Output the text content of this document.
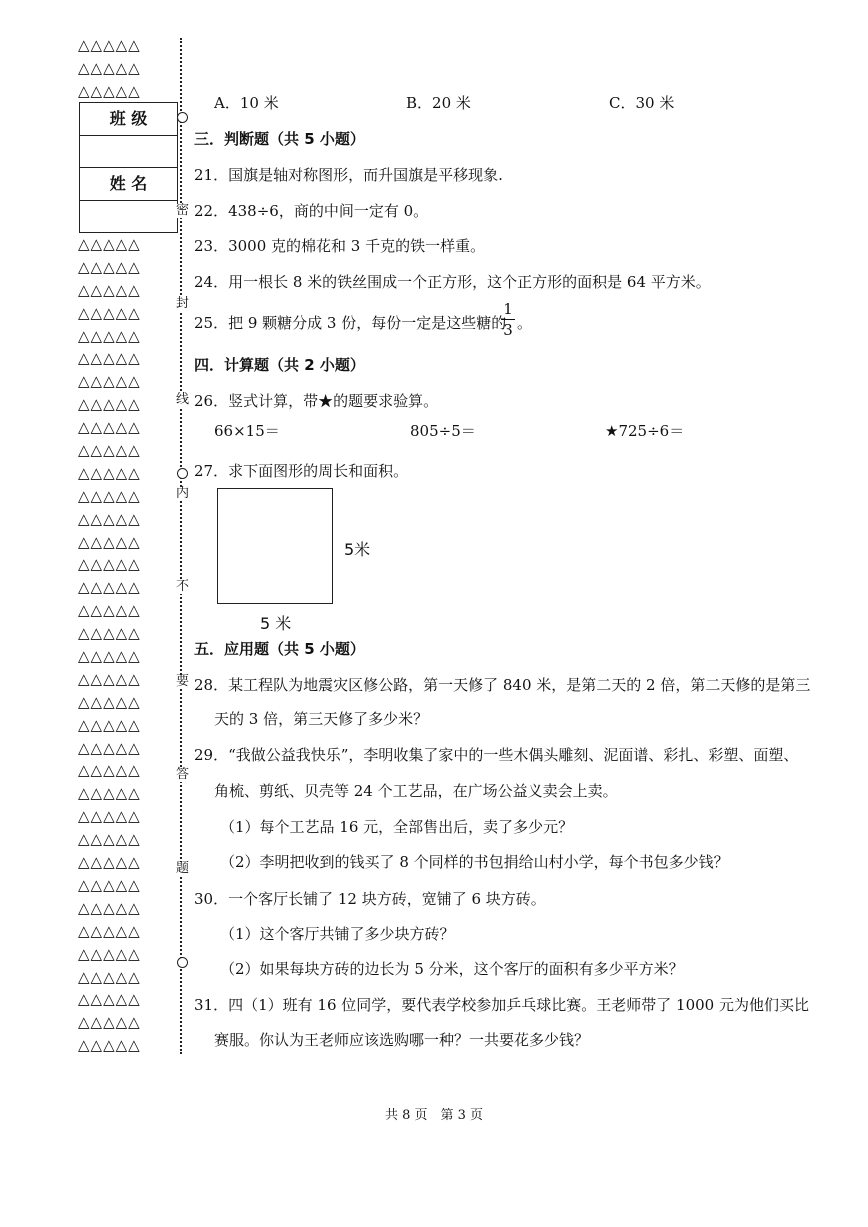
△△△△△
△△△△△
△△△△△
班 级
姓 名
△△△△△
△△△△△
△△△△△
△△△△△
△△△△△
△△△△△
△△△△△
△△△△△
△△△△△
△△△△△
△△△△△
△△△△△
△△△△△
△△△△△
△△△△△
△△△△△
△△△△△
△△△△△
△△△△△
△△△△△
△△△△△
△△△△△
△△△△△
△△△△△
△△△△△
△△△△△
△△△△△
△△△△△
△△△△△
△△△△△
△△△△△
△△△△△
△△△△△
△△△△△
△△△△△
△△△△△
密
封
线
内
不
要
答
题
A．10 米	B．20 米	C．30 米
三．判断题（共 5 小题）
21．国旗是轴对称图形，而升国旗是平移现象.
22．438÷6，商的中间一定有 0。
23．3000 克的棉花和 3 千克的铁一样重。
24．用一根长 8 米的铁丝围成一个正方形，这个正方形的面积是 64 平方米。
25．把 9 颗糖分成 3 份，每份一定是这些糖的
1
3 。
四．计算题（共 2 小题）
26．竖式计算，带★的题要求验算。
66×15＝	805÷5＝	★725÷6＝
27．求下面图形的周长和面积。
5米
5 米
五．应用题（共 5 小题）
28．某工程队为地震灾区修公路，第一天修了 840 米，是第二天的 2 倍，第二天修的是第三
天的 3 倍，第三天修了多少米？
29．“我做公益我快乐”，李明收集了家中的一些木偶头雕刻、泥面谱、彩扎、彩塑、面塑、
角梳、剪纸、贝壳等 24 个工艺品，在广场公益义卖会上卖。
（1）每个工艺品 16 元，全部售出后，卖了多少元？
（2）李明把收到的钱买了 8 个同样的书包捐给山村小学，每个书包多少钱？
30．一个客厅长铺了 12 块方砖，宽铺了 6 块方砖。
（1）这个客厅共铺了多少块方砖？
（2）如果每块方砖的边长为 5 分米，这个客厅的面积有多少平方米？
31．四（1）班有 16 位同学，要代表学校参加乒乓球比赛。王老师带了 1000 元为他们买比
赛服。你认为王老师应该选购哪一种？一共要花多少钱？
共 8 页　第 3 页
